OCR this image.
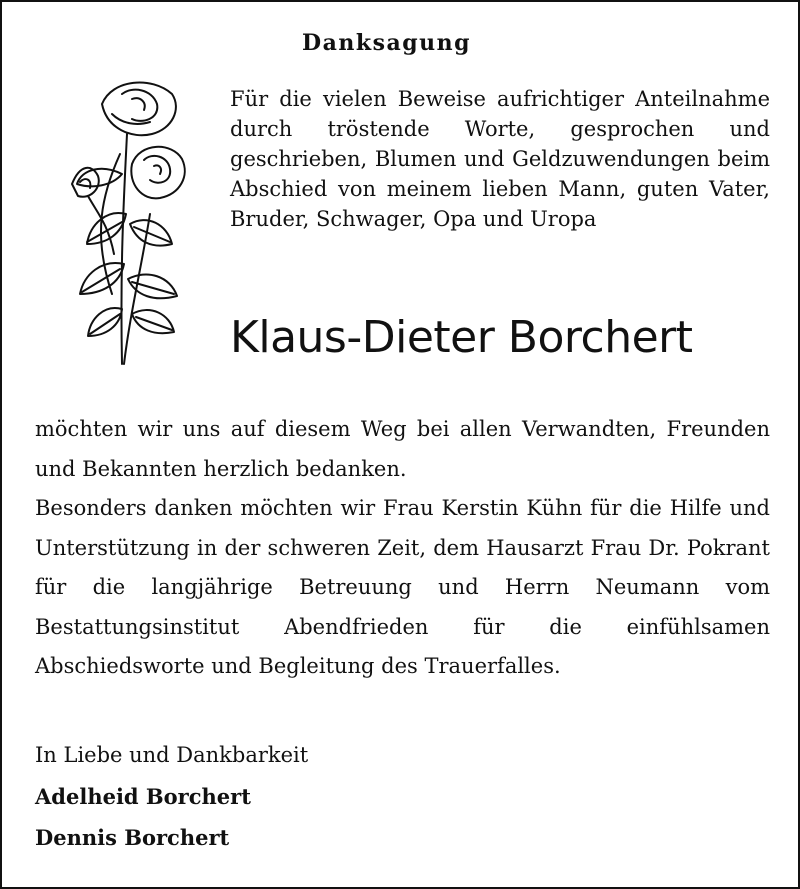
Danksagung

Für die vielen Beweise aufrichtiger Anteilnahme durch tröstende Worte, gesprochen und geschrieben, Blumen und Geldzuwendungen beim Abschied von meinem lieben Mann, guten Vater, Bruder, Schwager, Opa und Uropa

Klaus-Dieter Borchert
möchten wir uns auf diesem Weg bei allen Verwandten, Freunden und Bekannten herzlich bedanken.
Besonders danken möchten wir Frau Kerstin Kühn für die Hilfe und Unterstützung in der schweren Zeit, dem Hausarzt Frau Dr. Pokrant für die langjährige Betreuung und Herrn Neumann vom Bestattungsinstitut Abendfrieden für die einfühlsamen Abschiedsworte und Begleitung des Trauerfalles.
In Liebe und Dankbarkeit
Adelheid Borchert
Dennis Borchert
